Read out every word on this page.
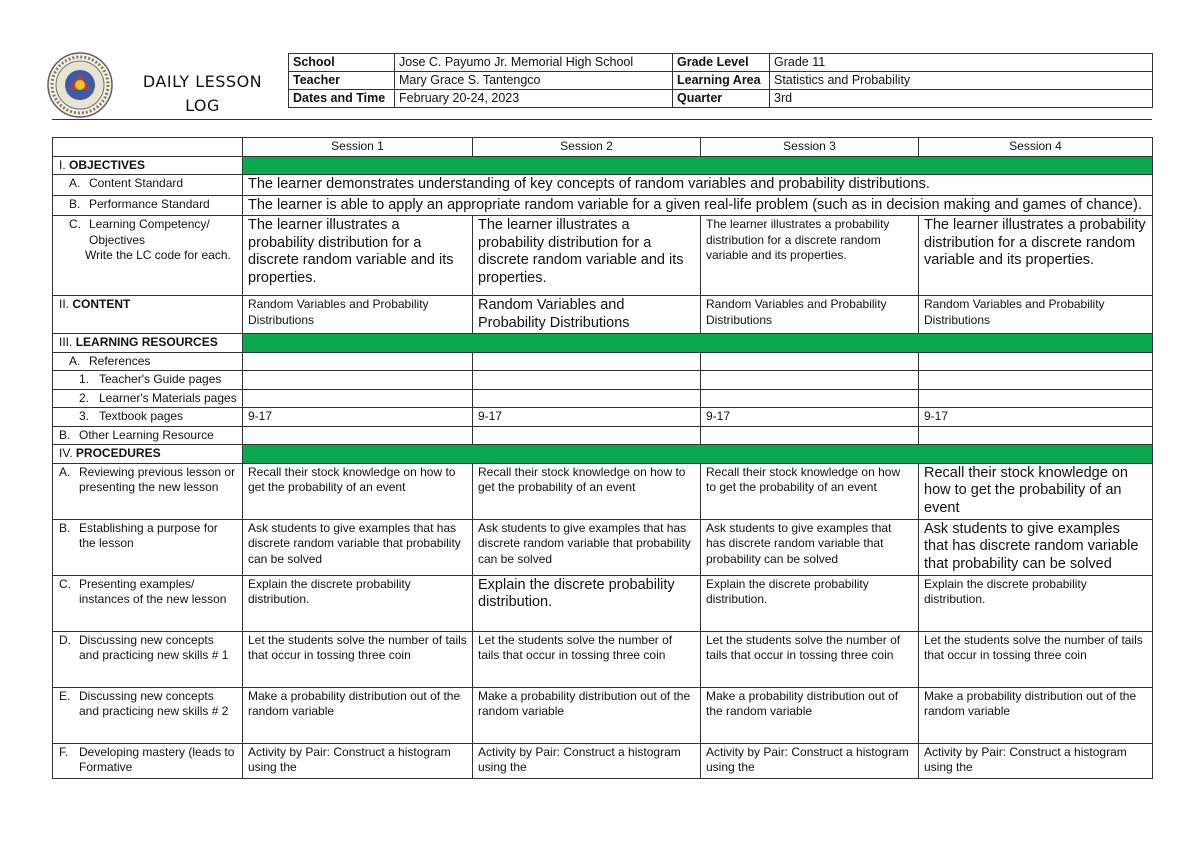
DAILY LESSON
LOG
School	Jose C. Payumo Jr. Memorial High School	Grade Level	Grade 11
Teacher	Mary Grace S. Tantengco	Learning Area	Statistics and Probability
Dates and Time	February 20-24, 2023	Quarter	3rd
	Session 1	Session 2	Session 3	Session 4
I. OBJECTIVES				

A. Content Standard	The learner demonstrates understanding of key concepts of random variables and probability distributions.			

B. Performance Standard	The learner is able to apply an appropriate random variable for a given real-life problem (such as in decision making and games of chance).			

C. Learning Competency/ Objectives
Write the LC code for each.	The learner illustrates a probability distribution for a discrete random variable and its properties.	The learner illustrates a probability distribution for a discrete random variable and its properties.	The learner illustrates a probability distribution for a discrete random variable and its properties.	The learner illustrates a probability distribution for a discrete random variable and its properties.
II. CONTENT	Random Variables and Probability Distributions	Random Variables and Probability Distributions	Random Variables and Probability Distributions	Random Variables and Probability Distributions
III. LEARNING RESOURCES				

A. References				

1. Teacher's Guide pages				

2. Learner's Materials pages				

3. Textbook pages	9-17	9-17	9-17	9-17

B. Other Learning Resource				

IV. PROCEDURES				

A. Reviewing previous lesson or presenting the new lesson	Recall their stock knowledge on how to get the probability of an event	Recall their stock knowledge on how to get the probability of an event	Recall their stock knowledge on how to get the probability of an event	Recall their stock knowledge on how to get the probability of an event

B. Establishing a purpose for the lesson	Ask students to give examples that has discrete random variable that probability can be solved	Ask students to give examples that has discrete random variable that probability can be solved	Ask students to give examples that has discrete random variable that probability can be solved	Ask students to give examples that has discrete random variable that probability can be solved

C. Presenting examples/ instances of the new lesson	Explain the discrete probability distribution.	Explain the discrete probability distribution.	Explain the discrete probability distribution.	Explain the discrete probability distribution.

D. Discussing new concepts and practicing new skills # 1	Let the students solve the number of tails that occur in tossing three coin	Let the students solve the number of tails that occur in tossing three coin	Let the students solve the number of tails that occur in tossing three coin	Let the students solve the number of tails that occur in tossing three coin

E. Discussing new concepts and practicing new skills # 2	Make a probability distribution out of the random variable	Make a probability distribution out of the random variable	Make a probability distribution out of the random variable	Make a probability distribution out of the random variable

F. Developing mastery (leads to Formative	Activity by Pair: Construct a histogram using the	Activity by Pair: Construct a histogram using the	Activity by Pair: Construct a histogram using the	Activity by Pair: Construct a histogram using the
